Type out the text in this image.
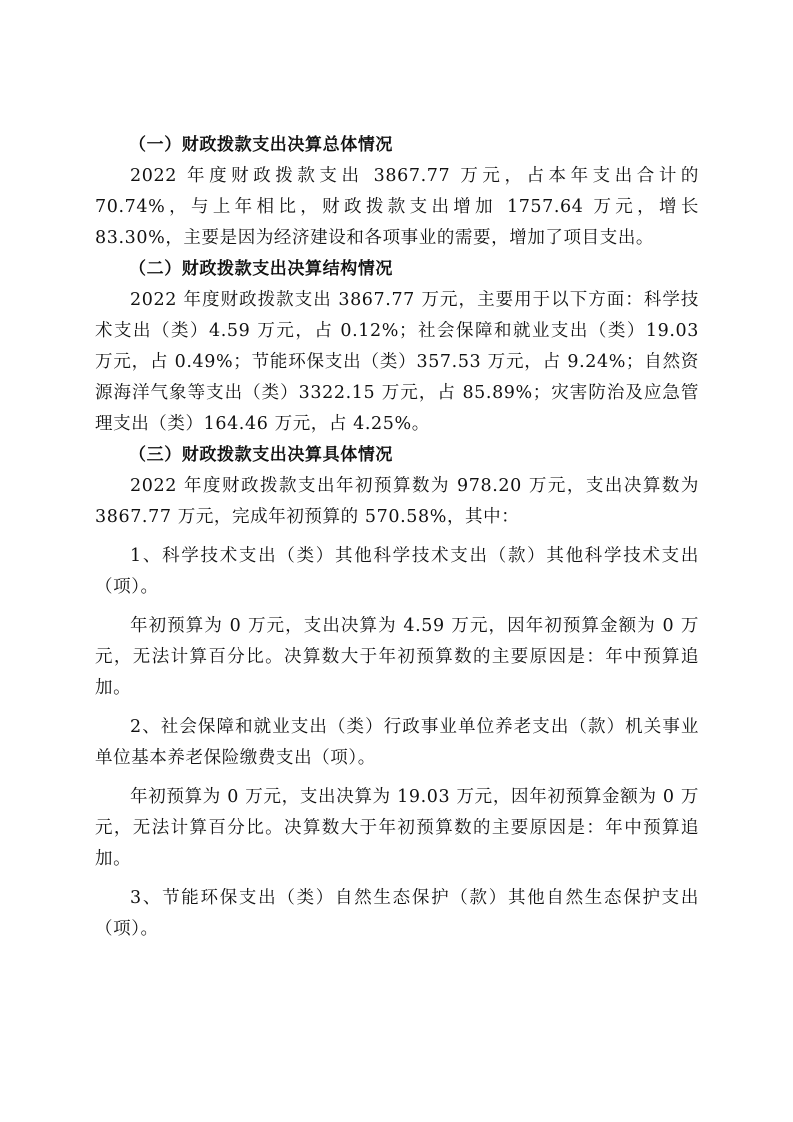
（一）财政拨款支出决算总体情况

2022 年度财政拨款支出 3867.77 万元，占本年支出合计的 70.74%，与上年相比，财政拨款支出增加 1757.64 万元，增长 83.30%，主要是因为经济建设和各项事业的需要，增加了项目支出。

（二）财政拨款支出决算结构情况

2022 年度财政拨款支出 3867.77 万元，主要用于以下方面：科学技术支出（类）4.59 万元，占 0.12%；社会保障和就业支出（类）19.03 万元，占 0.49%；节能环保支出（类）357.53 万元，占 9.24%；自然资源海洋气象等支出（类）3322.15 万元，占 85.89%；灾害防治及应急管理支出（类）164.46 万元，占 4.25%。

（三）财政拨款支出决算具体情况

2022 年度财政拨款支出年初预算数为 978.20 万元，支出决算数为 3867.77 万元，完成年初预算的 570.58%，其中：

1、科学技术支出（类）其他科学技术支出（款）其他科学技术支出（项）。

年初预算为 0 万元，支出决算为 4.59 万元，因年初预算金额为 0 万元，无法计算百分比。决算数大于年初预算数的主要原因是：年中预算追加。

2、社会保障和就业支出（类）行政事业单位养老支出（款）机关事业单位基本养老保险缴费支出（项）。

年初预算为 0 万元，支出决算为 19.03 万元，因年初预算金额为 0 万元，无法计算百分比。决算数大于年初预算数的主要原因是：年中预算追加。

3、节能环保支出（类）自然生态保护（款）其他自然生态保护支出（项）。
